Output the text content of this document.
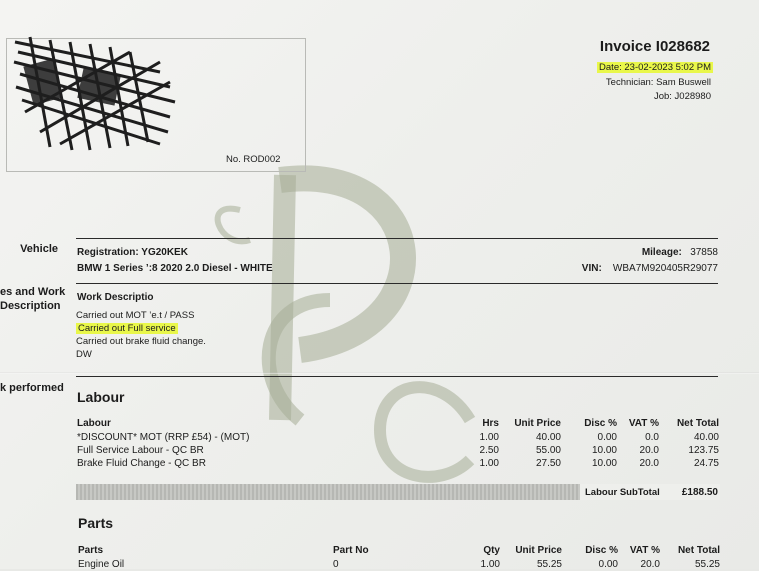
No. ROD002
Invoice I028682
Date: 23-02-2023 5:02 PM
Technician: Sam Buswell
Job: J028980
Vehicle
es and Work
Description
k perfoгmed
Registration: YG20KEK
BMW 1 Series ’:8 2020 2.0 Diesel - WHITE
Mileage: 37858
VIN: WBA7M920405R29077
Work Descriptio
Carried out MOT ’e.t / PASS
Carried out Full service
Carried out brake fluid change.
DW
Labour
Labour	Hrs	Unit Price	Disc %	VAT %	Net Total
*DISCOUNT* MOT (RRP £54) - (MOT)	1.00	40.00	0.00	0.0	40.00
Full Service Labour - QC BR	2.50	55.00	10.00	20.0	123.75
Brake Fluid Change - QC BR	1.00	27.50	10.00	20.0	24.75
Labour SubTotal £188.50
Parts
Parts	Part No	Qty	Unit Price	Disc %	VAT %	Net Total
Engine Oil	0	1.00	55.25	0.00	20.0	55.25
